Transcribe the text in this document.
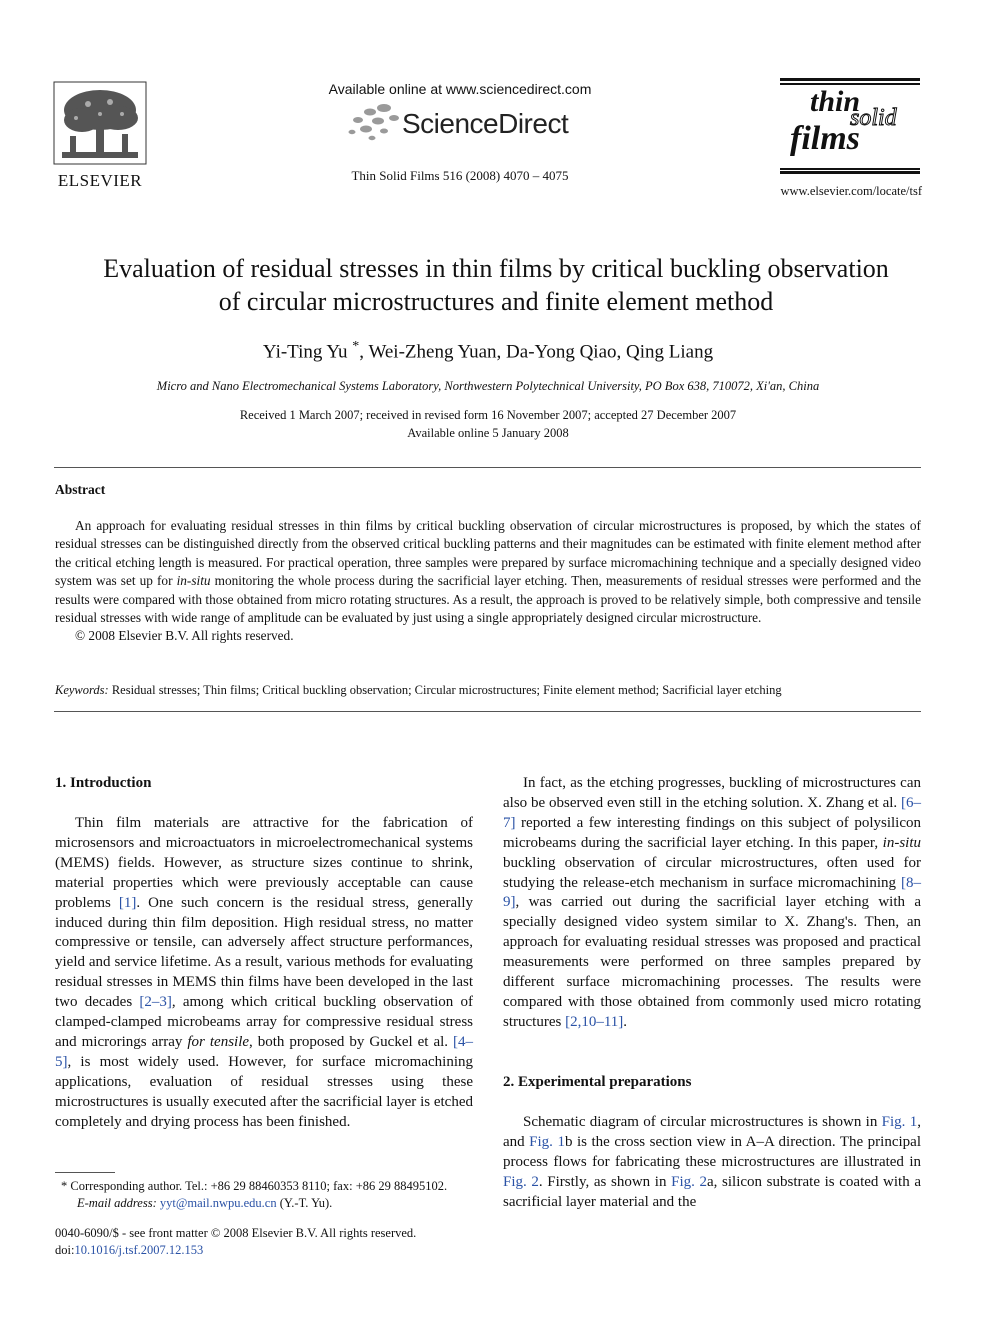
ELSEVIER
Available online at www.sciencedirect.com
ScienceDirect
Thin Solid Films 516 (2008) 4070 – 4075
thin
solid
films
www.elsevier.com/locate/tsf
Evaluation of residual stresses in thin films by critical buckling observation
of circular microstructures and finite element method
Yi-Ting Yu *, Wei-Zheng Yuan, Da-Yong Qiao, Qing Liang
Micro and Nano Electromechanical Systems Laboratory, Northwestern Polytechnical University, PO Box 638, 710072, Xi'an, China
Received 1 March 2007; received in revised form 16 November 2007; accepted 27 December 2007
Available online 5 January 2008
Abstract

An approach for evaluating residual stresses in thin films by critical buckling observation of circular microstructures is proposed, by which the states of residual stresses can be distinguished directly from the observed critical buckling patterns and their magnitudes can be estimated with finite element method after the critical etching length is measured. For practical operation, three samples were prepared by surface micromachining technique and a specially designed video system was set up for in-situ monitoring the whole process during the sacrificial layer etching. Then, measurements of residual stresses were performed and the results were compared with those obtained from micro rotating structures. As a result, the approach is proved to be relatively simple, both compressive and tensile residual stresses with wide range of amplitude can be evaluated by just using a single appropriately designed circular microstructure.

© 2008 Elsevier B.V. All rights reserved.

Keywords: Residual stresses; Thin films; Critical buckling observation; Circular microstructures; Finite element method; Sacrificial layer etching
1. Introduction

Thin film materials are attractive for the fabrication of microsensors and microactuators in microelectromechanical systems (MEMS) fields. However, as structure sizes continue to shrink, material properties which were previously acceptable can cause problems [1]. One such concern is the residual stress, generally induced during thin film deposition. High residual stress, no matter compressive or tensile, can adversely affect structure performances, yield and service lifetime. As a result, various methods for evaluating residual stresses in MEMS thin films have been developed in the last two decades [2–3], among which critical buckling observation of clamped-clamped microbeams array for compressive residual stress and microrings array for tensile, both proposed by Guckel et al. [4–5], is most widely used. However, for surface micromachining applications, evaluation of residual stresses using these microstructures is usually executed after the sacrificial layer is etched completely and drying process has been finished.

* Corresponding author. Tel.: +86 29 88460353 8110; fax: +86 29 88495102.
E-mail address: yyt@mail.nwpu.edu.cn (Y.-T. Yu).
0040-6090/$ - see front matter © 2008 Elsevier B.V. All rights reserved.
doi:10.1016/j.tsf.2007.12.153

In fact, as the etching progresses, buckling of microstructures can also be observed even still in the etching solution. X. Zhang et al. [6–7] reported a few interesting findings on this subject of polysilicon microbeams during the sacrificial layer etching. In this paper, in-situ buckling observation of circular microstructures, often used for studying the release-etch mechanism in surface micromachining [8–9], was carried out during the sacrificial layer etching with a specially designed video system similar to X. Zhang's. Then, an approach for evaluating residual stresses was proposed and practical measurements were performed on three samples prepared by different surface micromachining processes. The results were compared with those obtained from commonly used micro rotating structures [2,10–11].

2. Experimental preparations

Schematic diagram of circular microstructures is shown in Fig. 1, and Fig. 1b is the cross section view in A–A direction. The principal process flows for fabricating these microstructures are illustrated in Fig. 2. Firstly, as shown in Fig. 2a, silicon substrate is coated with a sacrificial layer material and the
